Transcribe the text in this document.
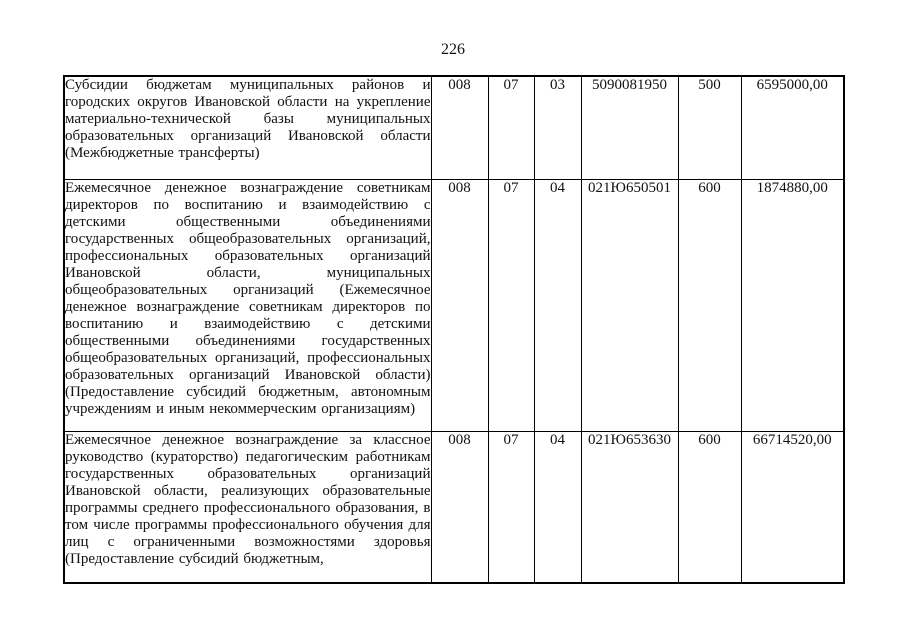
226
Субсидии бюджетам муниципальных районов и городских округов Ивановской области на укрепление материально-технической базы муниципальных образовательных организаций Ивановской области (Межбюджетные трансферты)	008	07	03	5090081950	500	6595000,00
Ежемесячное денежное вознаграждение советникам директоров по воспитанию и взаимодействию с детскими общественными объединениями государственных общеобразовательных организаций, профессиональных образовательных организаций Ивановской области, муниципальных общеобразовательных организаций (Ежемесячное денежное вознаграждение советникам директоров по воспитанию и взаимодействию с детскими общественными объединениями государственных общеобразовательных организаций, профессиональных образовательных организаций Ивановской области) (Предоставление субсидий бюджетным, автономным учреждениям и иным некоммерческим организациям)	008	07	04	021Ю650501	600	1874880,00
Ежемесячное денежное вознаграждение за классное руководство (кураторство) педагогическим работникам государственных образовательных организаций Ивановской области, реализующих образовательные программы среднего профессионального образования, в том числе программы профессионального обучения для лиц с ограниченными возможностями здоровья (Предоставление субсидий бюджетным,	008	07	04	021Ю653630	600	66714520,00
